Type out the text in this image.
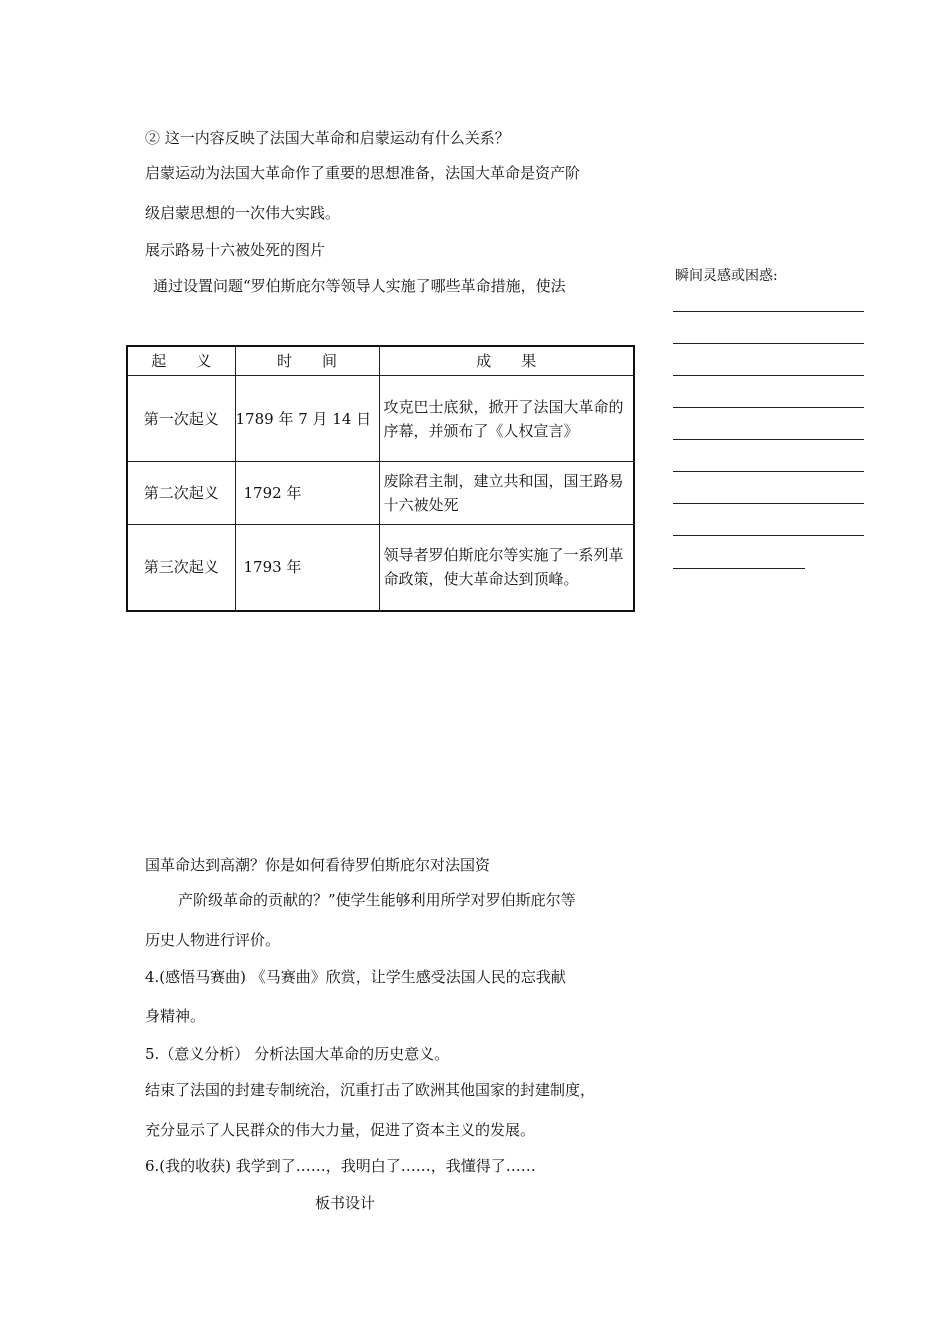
② 这一内容反映了法国大革命和启蒙运动有什么关系？
启蒙运动为法国大革命作了重要的思想准备，法国大革命是资产阶
级启蒙思想的一次伟大实践。
展示路易十六被处死的图片
通过设置问题“罗伯斯庇尔等领导人实施了哪些革命措施，使法
瞬间灵感或困惑:
起　　义	时　　间	成　　果
第一次起义	1789 年 7 月 14 日	攻克巴士底狱，掀开了法国大革命的序幕，并颁布了《人权宣言》
第二次起义	1792 年	废除君主制，建立共和国，国王路易十六被处死
第三次起义	1793 年	领导者罗伯斯庇尔等实施了一系列革命政策，使大革命达到顶峰。
国革命达到高潮？你是如何看待罗伯斯庇尔对法国资
产阶级革命的贡献的？”使学生能够利用所学对罗伯斯庇尔等
历史人物进行评价。
4.(感悟马赛曲) 《马赛曲》欣赏，让学生感受法国人民的忘我献
身精神。
5.（意义分析） 分析法国大革命的历史意义。
结束了法国的封建专制统治，沉重打击了欧洲其他国家的封建制度，
充分显示了人民群众的伟大力量，促进了资本主义的发展。
6.(我的收获) 我学到了……，我明白了……，我懂得了……
板书设计
